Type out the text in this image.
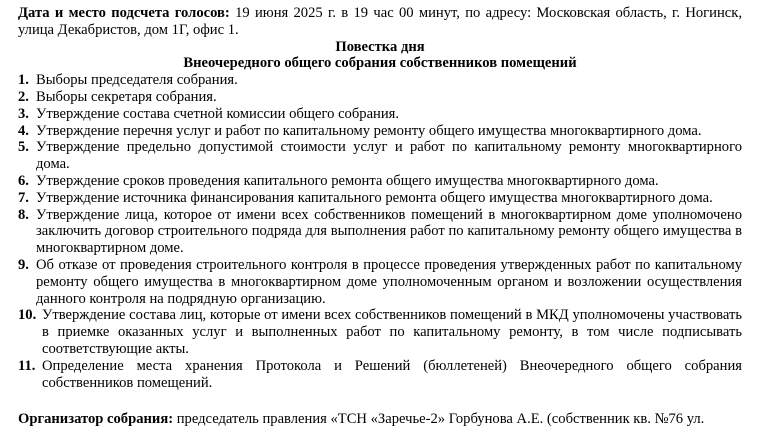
Дата и место подсчета голосов: 19 июня 2025 г. в 19 час 00 минут, по адресу: Московская область, г. Ногинск, улица Декабристов, дом 1Г, офис 1.

Повестка дня

Внеочередного общего собрания собственников помещений

1. Выборы председателя собрания.
2. Выборы секретаря собрания.
3. Утверждение состава счетной комиссии общего собрания.
4. Утверждение перечня услуг и работ по капитальному ремонту общего имущества многоквартирного дома.
5. Утверждение предельно допустимой стоимости услуг и работ по капитальному ремонту многоквартирного дома.
6. Утверждение сроков проведения капитального ремонта общего имущества многоквартирного дома.
7. Утверждение источника финансирования капитального ремонта общего имущества многоквартирного дома.
8. Утверждение лица, которое от имени всех собственников помещений в многоквартирном доме уполномочено заключить договор строительного подряда для выполнения работ по капитальному ремонту общего имущества в многоквартирном доме.
9. Об отказе от проведения строительного контроля в процессе проведения утвержденных работ по капитальному ремонту общего имущества в многоквартирном доме уполномоченным органом и возложении осуществления данного контроля на подрядную организацию.
10. Утверждение состава лиц, которые от имени всех собственников помещений в МКД уполномочены участвовать в приемке оказанных услуг и выполненных работ по капитальному ремонту, в том числе подписывать соответствующие акты.
11. Определение места хранения Протокола и Решений (бюллетеней) Внеочередного общего собрания собственников помещений.

Организатор собрания: председатель правления «ТСН «Заречье-2» Горбунова А.Е. (собственник кв. №76 ул.
